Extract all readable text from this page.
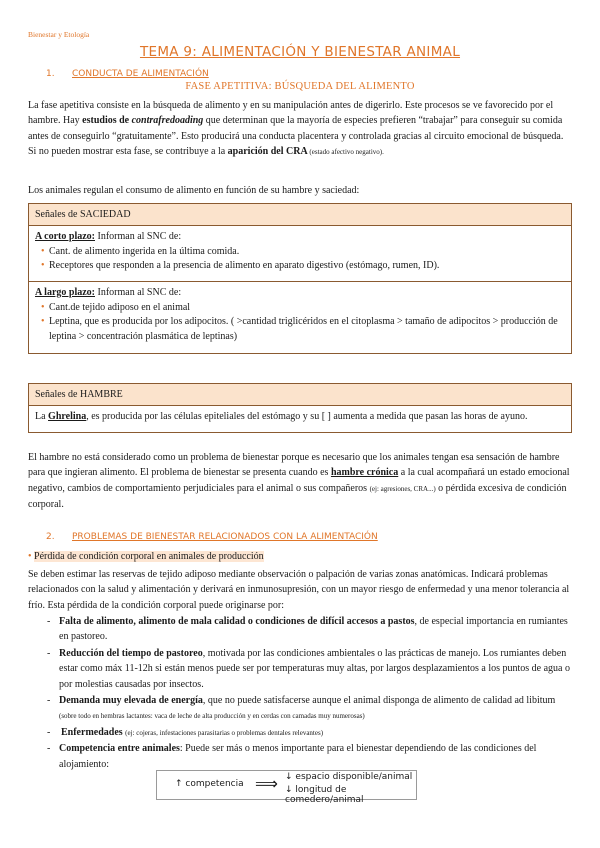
Bienestar y Etología
TEMA 9: ALIMENTACIÓN Y BIENESTAR ANIMAL
1. CONDUCTA DE ALIMENTACIÓN
FASE APETITIVA: BÚSQUEDA DEL ALIMENTO

La fase apetitiva consiste en la búsqueda de alimento y en su manipulación antes de digerirlo. Este procesos se ve favorecido por el hambre. Hay estudios de contrafredoading que determinan que la mayoría de especies prefieren “trabajar” para conseguir su comida antes de conseguirlo “gratuitamente”. Esto producirá una conducta placentera y controlada gracias al circuito emocional de búsqueda. Si no pueden mostrar esta fase, se contribuye a la aparición del CRA (estado afectivo negativo).

Los animales regulan el consumo de alimento en función de su hambre y saciedad:

Señales de SACIEDAD
A corto plazo: Informan al SNC de:
• Cant. de alimento ingerida en la última comida.
• Receptores que responden a la presencia de alimento en aparato digestivo (estómago, rumen, ID).
A largo plazo: Informan al SNC de:
• Cant.de tejido adiposo en el animal
• Leptina, que es producida por los adipocitos. ( >cantidad triglicéridos en el citoplasma > tamaño de adipocitos > producción de leptina > concentración plasmática de leptinas)
Señales de HAMBRE
La Ghrelina, es producida por las células epiteliales del estómago y su [ ] aumenta a medida que pasan las horas de ayuno.

El hambre no está considerado como un problema de bienestar porque es necesario que los animales tengan esa sensación de hambre para que ingieran alimento. El problema de bienestar se presenta cuando es hambre crónica a la cual acompañará un estado emocional negativo, cambios de comportamiento perjudiciales para el animal o sus compañeros (ej: agresiones, CRA...) o pérdida excesiva de condición corporal.

2. PROBLEMAS DE BIENESTAR RELACIONADOS CON LA ALIMENTACIÓN
• Pérdida de condición corporal en animales de producción

Se deben estimar las reservas de tejido adiposo mediante observación o palpación de varias zonas anatómicas. Indicará problemas relacionados con la salud y alimentación y derivará en inmunosupresión, con un mayor riesgo de enfermedad y una menor tolerancia al frío. Esta pérdida de la condición corporal puede originarse por:

- Falta de alimento, alimento de mala calidad o condiciones de difícil accesos a pastos, de especial importancia en rumiantes en pastoreo.
- Reducción del tiempo de pastoreo, motivada por las condiciones ambientales o las prácticas de manejo. Los rumiantes deben estar como máx 11-12h si están menos puede ser por temperaturas muy altas, por largos desplazamientos a los puntos de agua o por molestias causadas por insectos.
- Demanda muy elevada de energía, que no puede satisfacerse aunque el animal disponga de alimento de calidad ad libitum (sobre todo en hembras lactantes: vaca de leche de alta producción y en cerdas con camadas muy numerosas)
- Enfermedades (ej: cojeras, infestaciones parasitarias o problemas dentales relevantes)
- Competencia entre animales: Puede ser más o menos importante para el bienestar dependiendo de las condiciones del alojamiento:
↑ competencia ⟹ ↓ espacio disponible/animal
↓ longitud de comedero/animal
